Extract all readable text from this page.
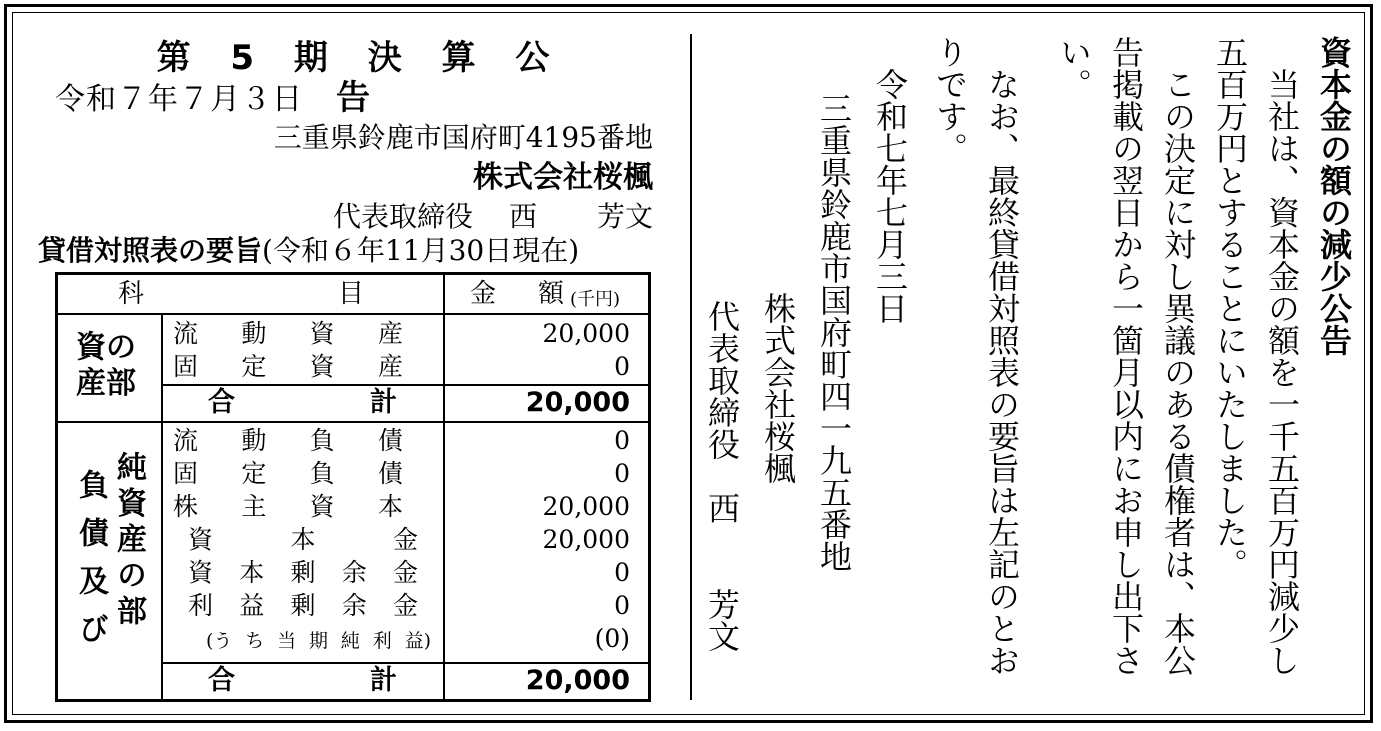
第 5 期 決 算 公 告
令和７年７月３日
三重県鈴鹿市国府町4195番地
株式会社桜楓
代表取締役 西 芳文
貸借対照表の要旨(令和６年11月30日現在)
科	目	金 額 (千円)
資の
産部
流 動 資 産	20,000
固 定 資 産	0
合	計	20,000
純資産の部
負債及び
流 動 負 債	0
固 定 負 債	0
株 主 資 本	20,000
資	本	金	20,000
資 本 剰 余 金	0
利 益 剰 余 金	0
(う ち 当 期 純 利 益)	(0)
合	計	20,000
資本金の額の減少公告
　当社は、資本金の額を一千五百万円減少し
五百万円とすることにいたしました。
　この決定に対し異議のある債権者は、本公
告掲載の翌日から一箇月以内にお申し出下さ
い。
　なお、最終貸借対照表の要旨は左記のとお
りです。
　令和七年七月三日
　三重県鈴鹿市国府町四一九五番地
　　　　　　　　株式会社桜楓
　代表取締役　西　　芳文
